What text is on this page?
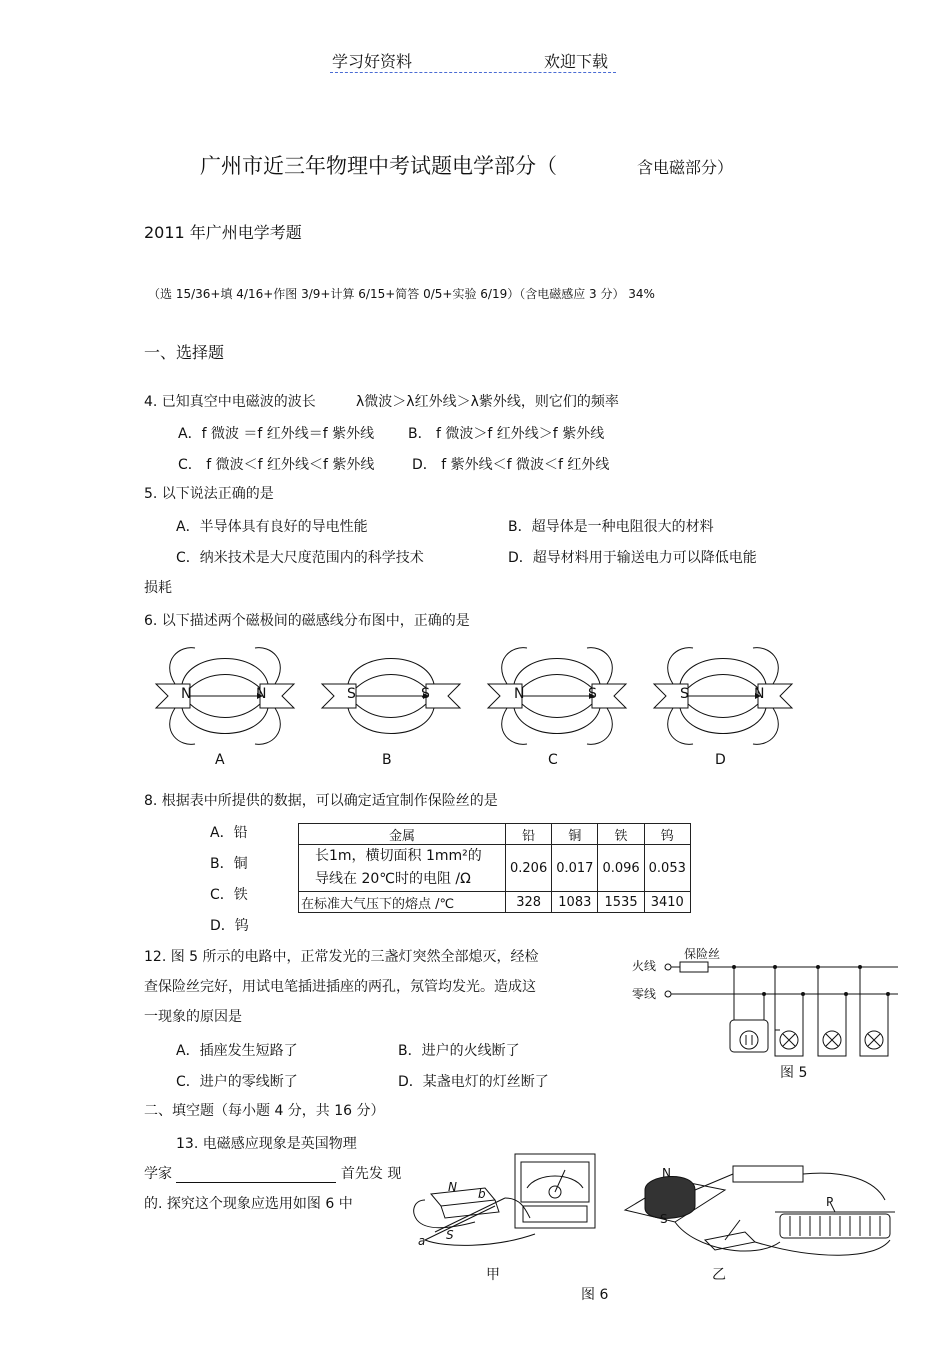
学习好资料	欢迎下载
广州市近三年物理中考试题电学部分（	含电磁部分）
2011 年广州电学考题
（选 15/36+填 4/16+作图 3/9+计算 6/15+简答 0/5+实验 6/19）（含电磁感应 3 分） 34%
一、选择题
4. 已知真空中电磁波的波长	λ微波＞λ红外线＞λ紫外线，则它们的频率
A．f 微波 ＝f 红外线＝f 紫外线 B． f 微波＞f 红外线＞f 紫外线
C． f 微波＜f 红外线＜f 紫外线	D． f 紫外线＜f 微波＜f 红外线
5. 以下说法正确的是
A．半导体具有良好的导电性能	B．超导体是一种电阻很大的材料
C．纳米技术是大尺度范围内的科学技术	D．超导材料用于输送电力可以降低电能
损耗
6. 以下描述两个磁极间的磁感线分布图中，正确的是
N	N	S	S	N	S	S	N
A	B	C	D
8. 根据表中所提供的数据，可以确定适宜制作保险丝的是
A．铅
B．铜
C．铁
D．钨
金属	铅	铜	铁	钨
长1m，横切面积 1mm²的
导线在 20℃时的电阻 /Ω	0.206	0.017	0.096	0.053
在标准大气压下的熔点 /℃	328	1083	1535	3410
12. 图 5 所示的电路中，正常发光的三盏灯突然全部熄灭，经检
查保险丝完好，用试电笔插进插座的两孔，氖管均发光。造成这
一现象的原因是
A．插座发生短路了	B．进户的火线断了
C．进户的零线断了	D．某盏电灯的灯丝断了
保险丝
火线
零线
图 5
二、填空题（每小题 4 分，共 16 分）
13. 电磁感应现象是英国物理
学家	首先发 现
的. 探究这个现象应选用如图 6 中
N
S
a
b
N
S
P
甲	乙
图 6
